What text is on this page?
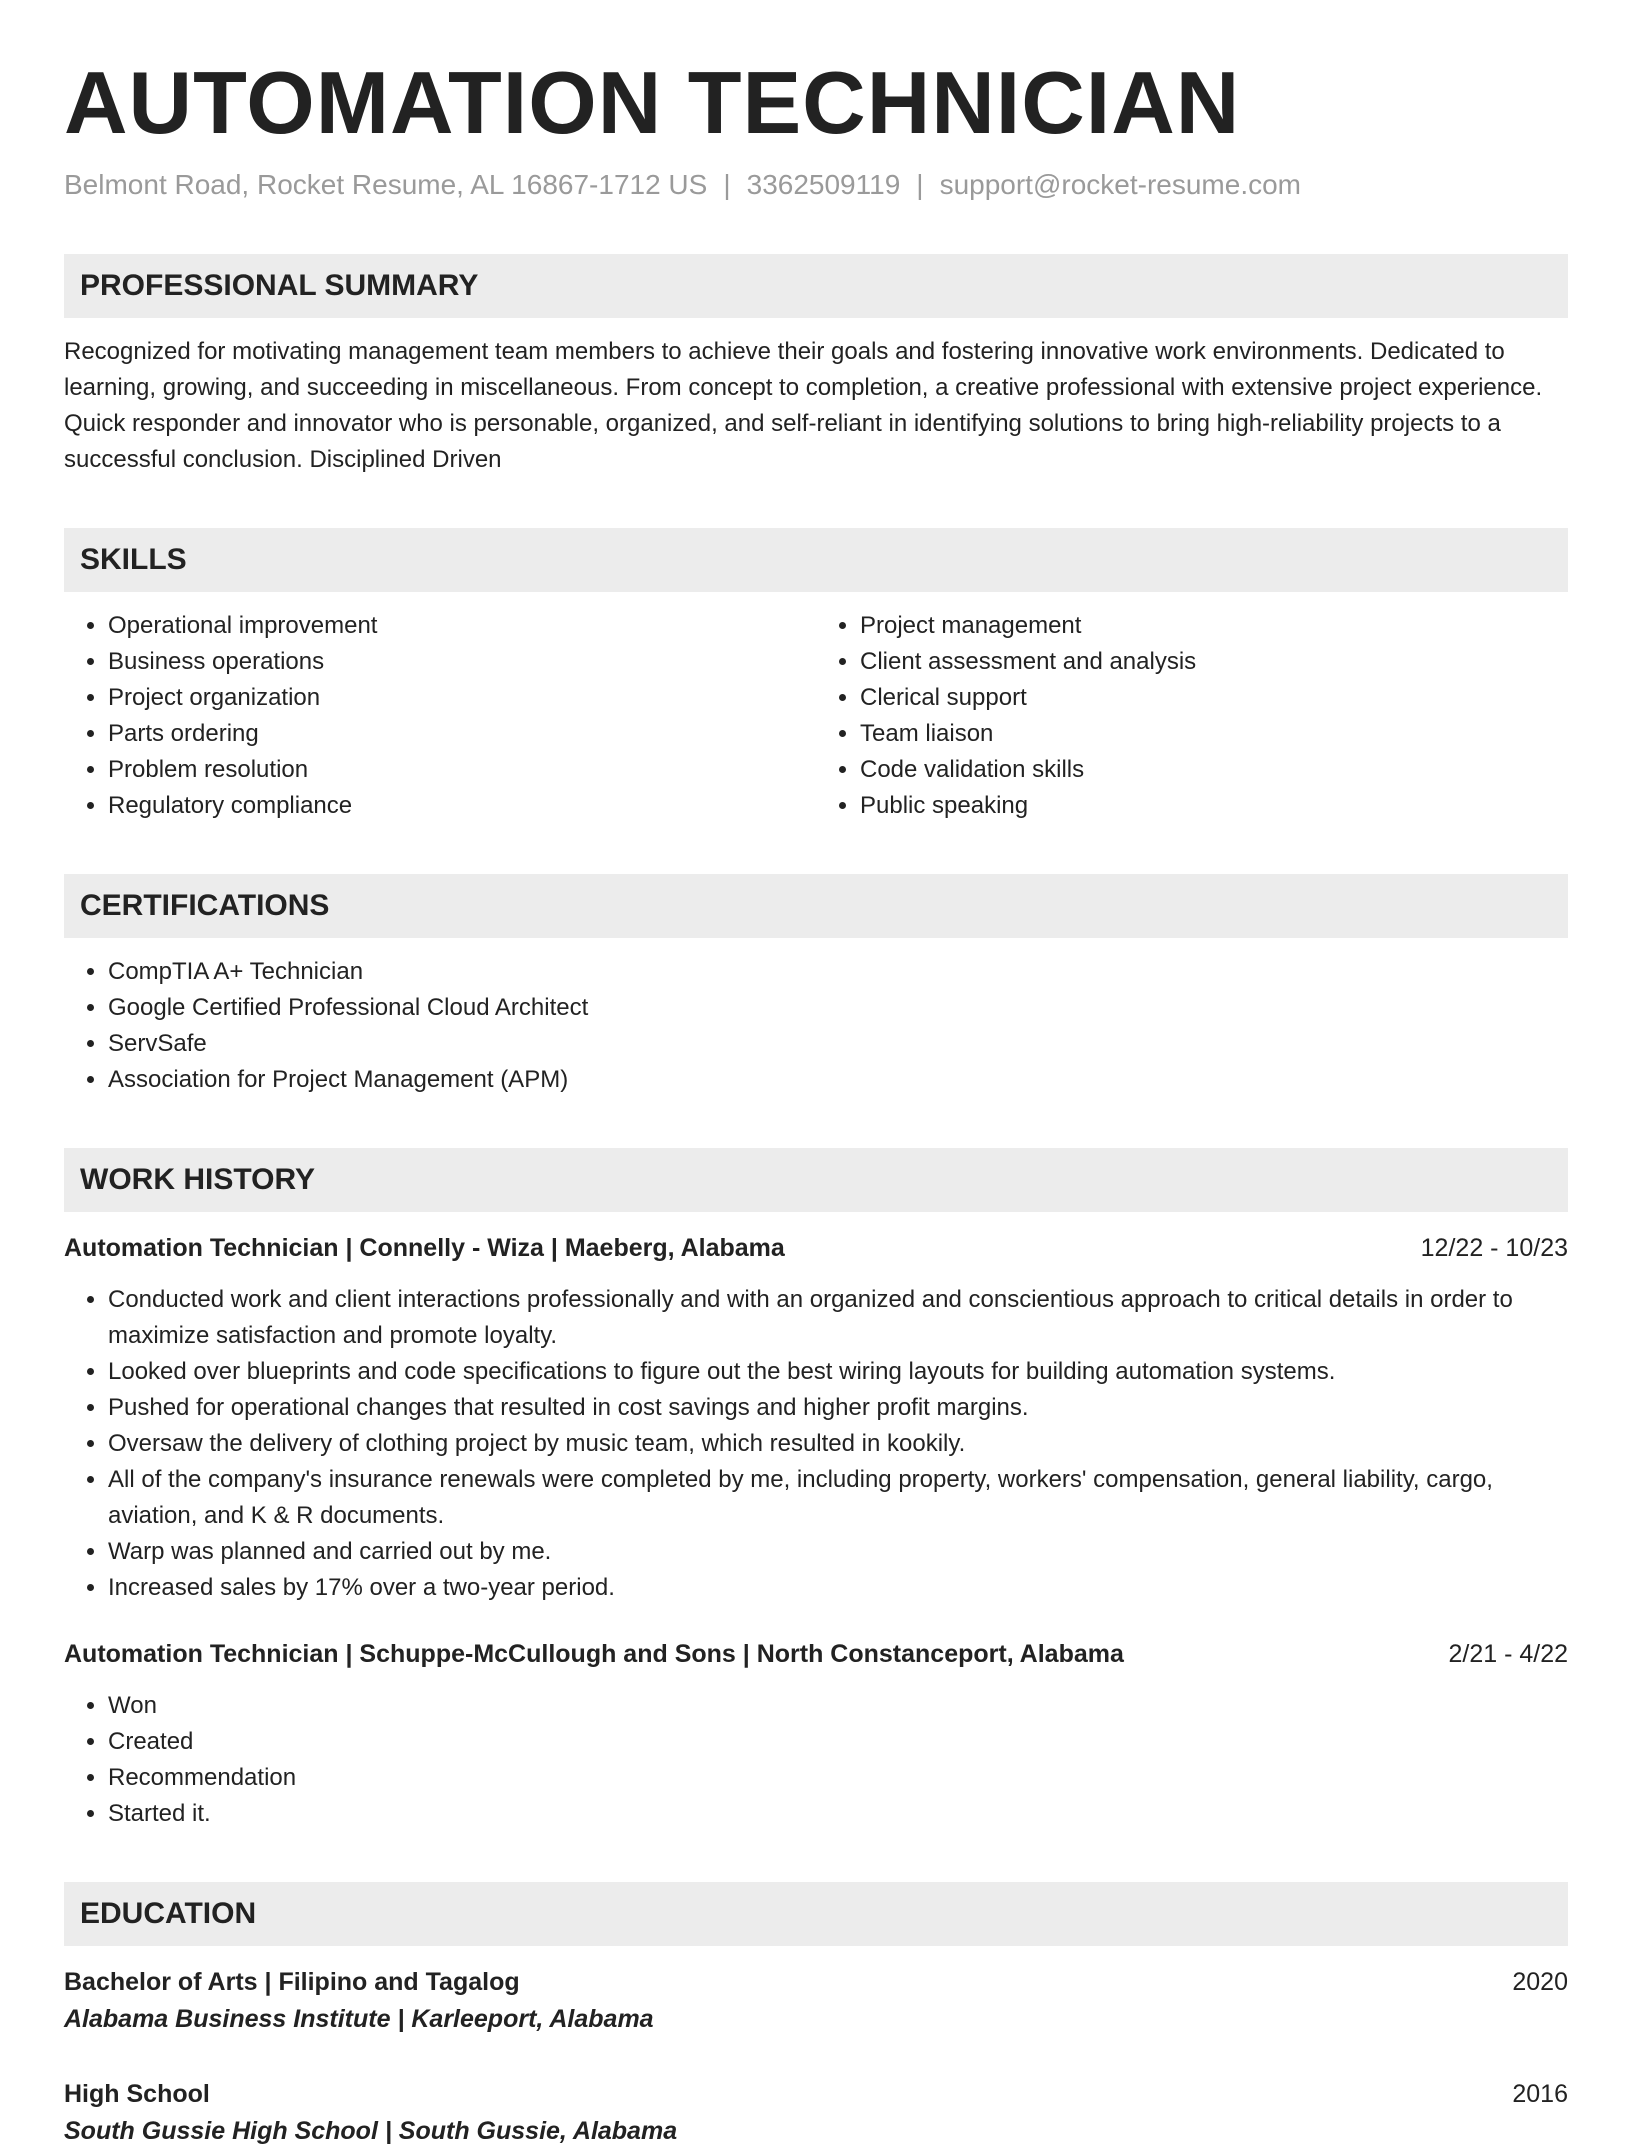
AUTOMATION TECHNICIAN
Belmont Road, Rocket Resume, AL 16867-1712 US | 3362509119 | support@rocket-resume.com
PROFESSIONAL SUMMARY
Recognized for motivating management team members to achieve their goals and fostering innovative work environments. Dedicated to learning, growing, and succeeding in miscellaneous. From concept to completion, a creative professional with extensive project experience. Quick responder and innovator who is personable, organized, and self-reliant in identifying solutions to bring high-reliability projects to a successful conclusion. Disciplined Driven
SKILLS
• Operational improvement
• Business operations
• Project organization
• Parts ordering
• Problem resolution
• Regulatory compliance
• Project management
• Client assessment and analysis
• Clerical support
• Team liaison
• Code validation skills
• Public speaking
CERTIFICATIONS
• CompTIA A+ Technician
• Google Certified Professional Cloud Architect
• ServSafe
• Association for Project Management (APM)
WORK HISTORY
Automation Technician | Connelly - Wiza | Maeberg, Alabama	12/22 - 10/23
• Conducted work and client interactions professionally and with an organized and conscientious approach to critical details in order to maximize satisfaction and promote loyalty.
• Looked over blueprints and code specifications to figure out the best wiring layouts for building automation systems.
• Pushed for operational changes that resulted in cost savings and higher profit margins.
• Oversaw the delivery of clothing project by music team, which resulted in kookily.
• All of the company's insurance renewals were completed by me, including property, workers' compensation, general liability, cargo, aviation, and K & R documents.
• Warp was planned and carried out by me.
• Increased sales by 17% over a two-year period.
Automation Technician | Schuppe-McCullough and Sons | North Constanceport, Alabama	2/21 - 4/22
• Won
• Created
• Recommendation
• Started it.
EDUCATION
Bachelor of Arts | Filipino and Tagalog	2020
Alabama Business Institute | Karleeport, Alabama
High School	2016
South Gussie High School | South Gussie, Alabama
